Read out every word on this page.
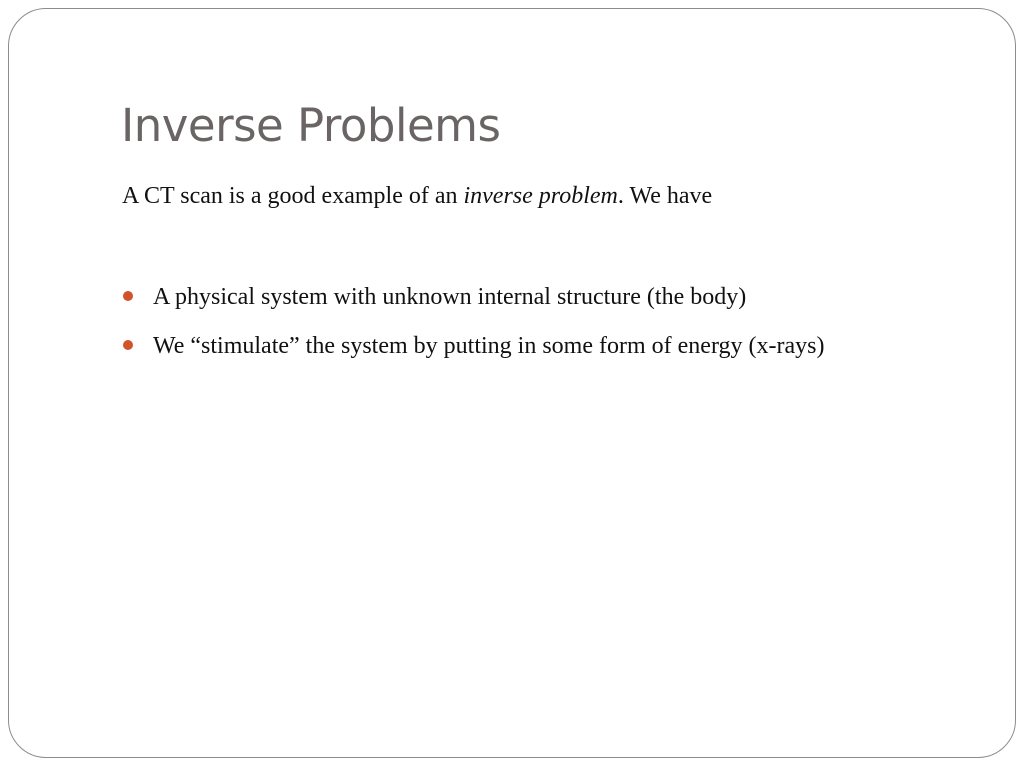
Inverse Problems

A CT scan is a good example of an inverse problem. We have

A physical system with unknown internal structure (the body)
We “stimulate” the system by putting in some form of energy (x-rays)
